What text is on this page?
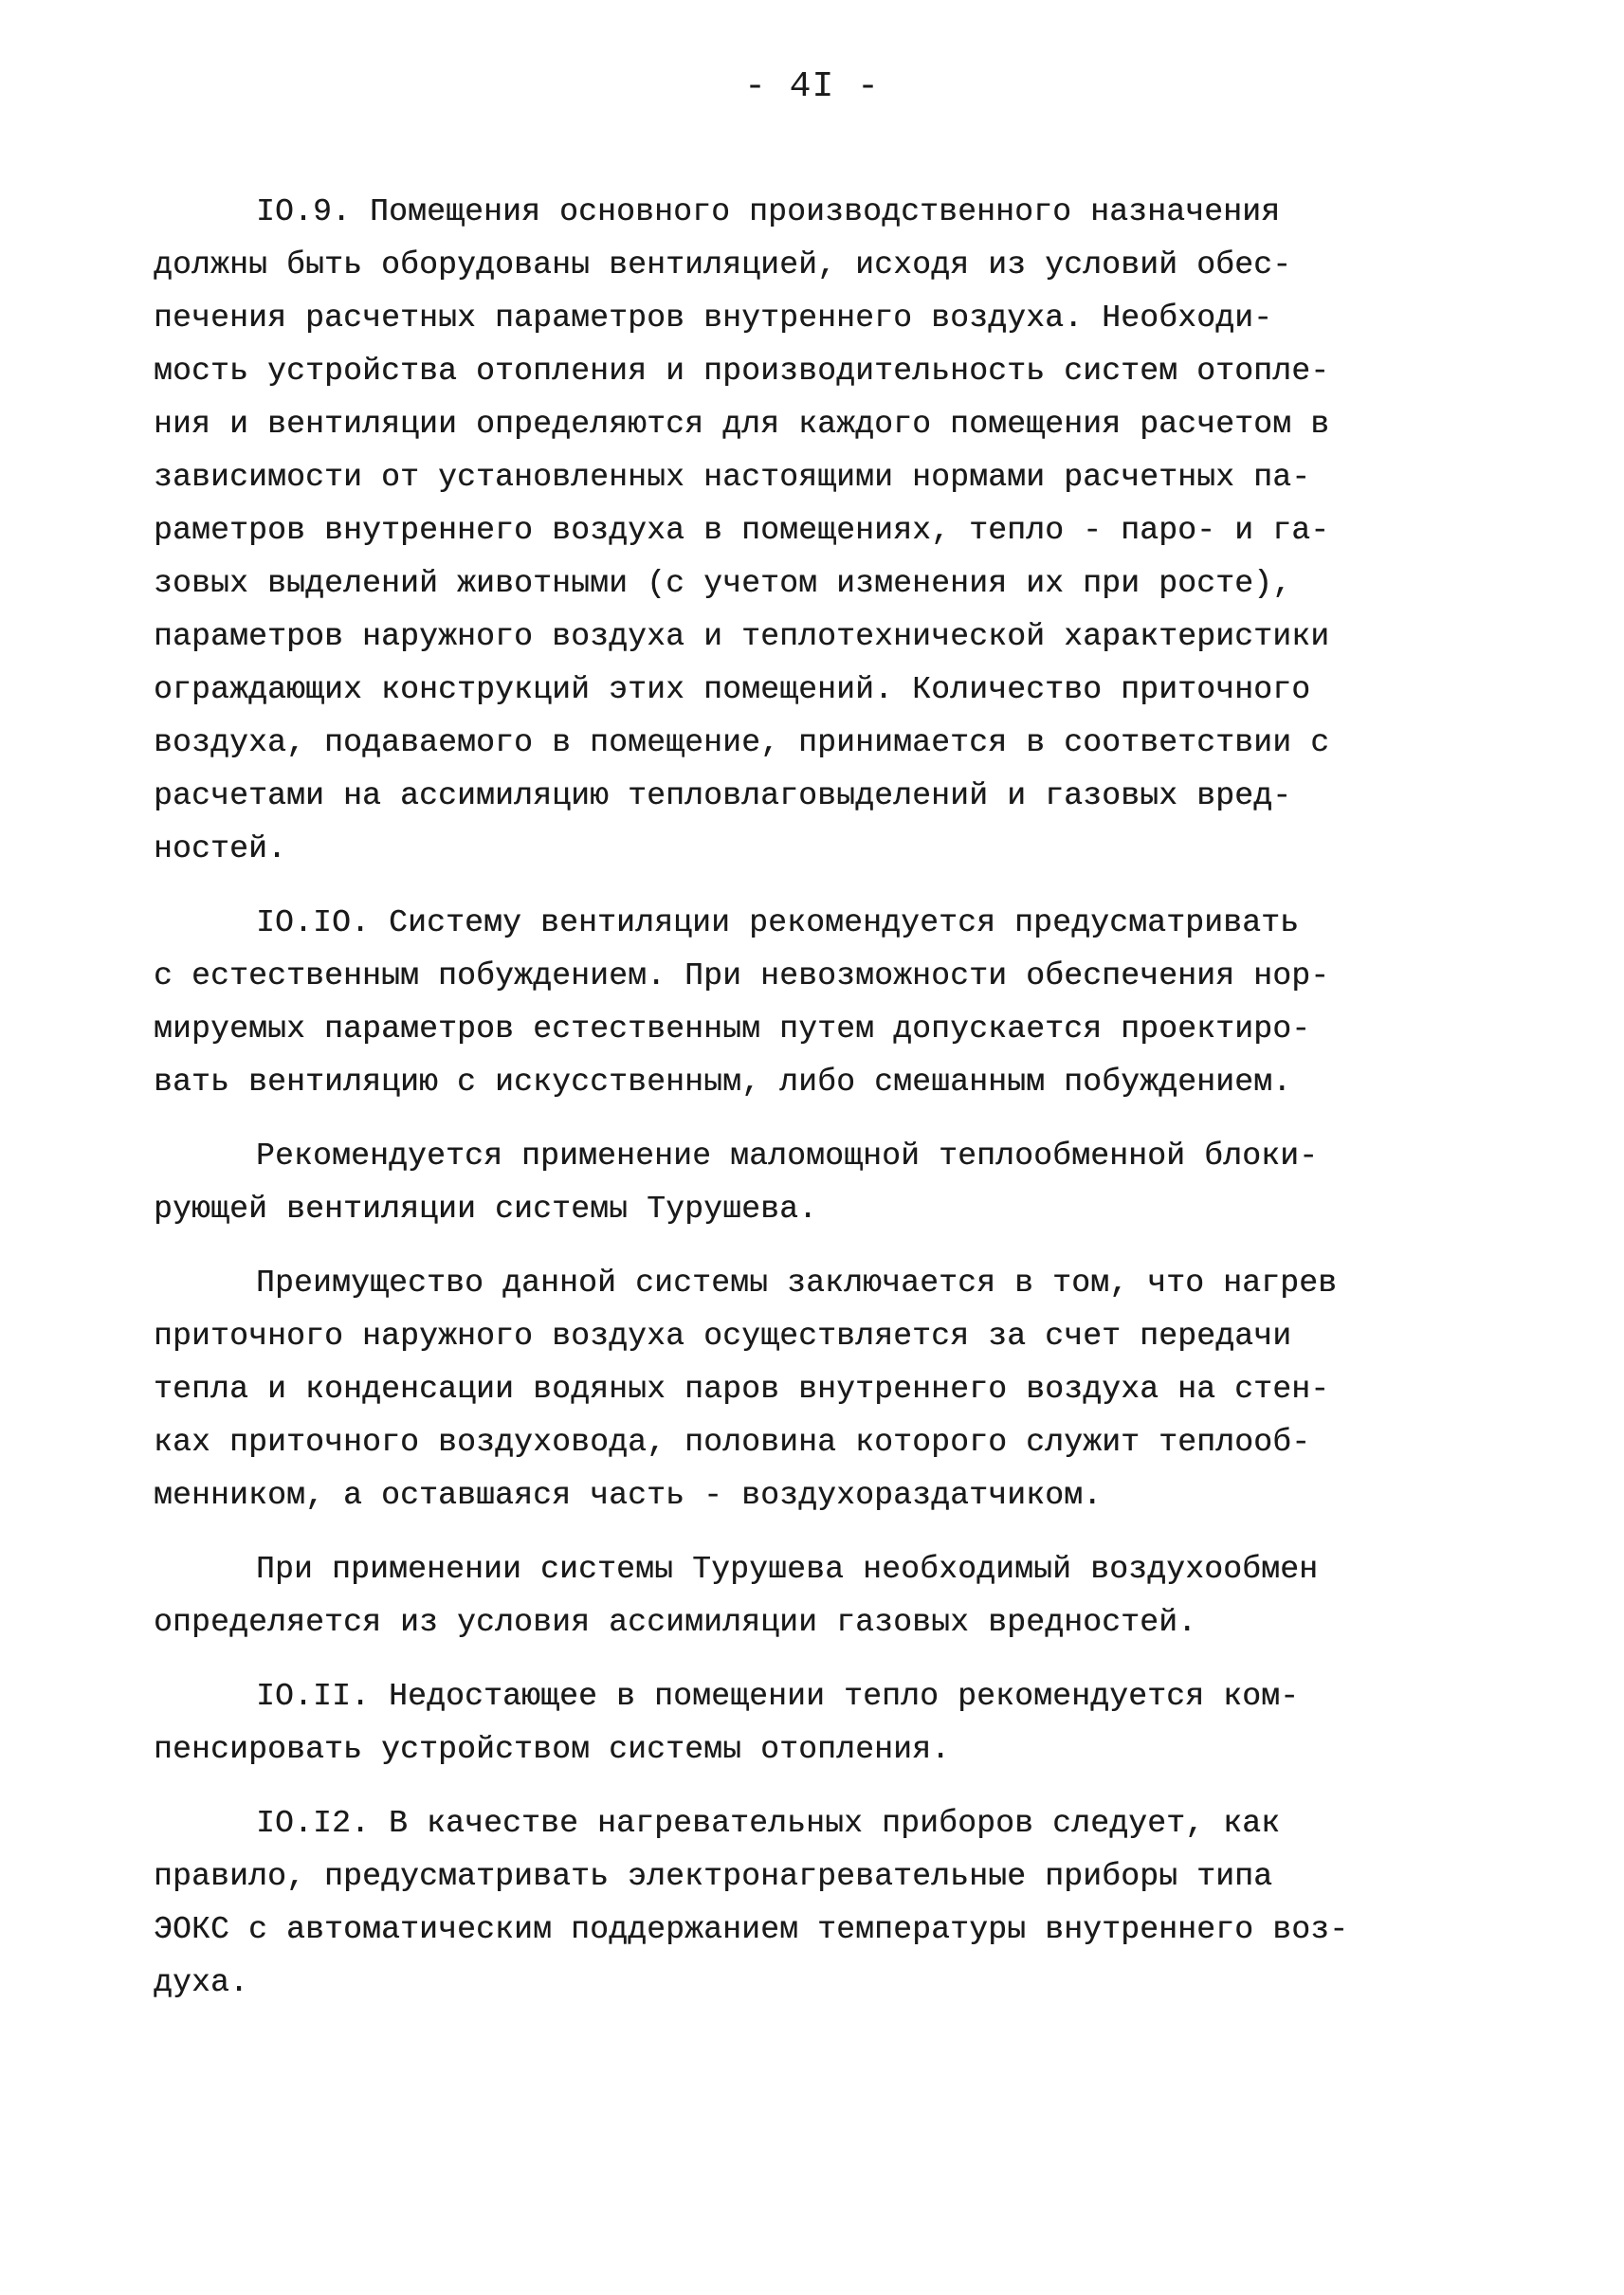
- 4I -
IO.9. Помещения основного производственного назначения
должны быть оборудованы вентиляцией, исходя из условий обес-
печения расчетных параметров внутреннего воздуха. Необходи-
мость устройства отопления и производительность систем отопле-
ния и вентиляции определяются для каждого помещения расчетом в
зависимости от установленных настоящими нормами расчетных па-
раметров внутреннего воздуха в помещениях, тепло - паро- и га-
зовых выделений животными (с учетом изменения их при росте),
параметров наружного воздуха и теплотехнической характеристики
ограждающих конструкций этих помещений. Количество приточного
воздуха, подаваемого в помещение, принимается в соответствии с
расчетами на ассимиляцию тепловлаговыделений и газовых вред-
ностей.
IO.IO. Систему вентиляции рекомендуется предусматривать
с естественным побуждением. При невозможности обеспечения нор-
мируемых параметров естественным путем допускается проектиро-
вать вентиляцию с искусственным, либо смешанным побуждением.
Рекомендуется применение маломощной теплообменной блоки-
рующей вентиляции системы Турушева.
Преимущество данной системы заключается в том, что нагрев
приточного наружного воздуха осуществляется за счет передачи
тепла и конденсации водяных паров внутреннего воздуха на стен-
ках приточного воздуховода, половина которого служит теплооб-
менником, а оставшаяся часть - воздухораздатчиком.
При применении системы Турушева необходимый воздухообмен
определяется из условия ассимиляции газовых вредностей.
IO.II. Недостающее в помещении тепло рекомендуется ком-
пенсировать устройством системы отопления.
IO.I2. В качестве нагревательных приборов следует, как
правило, предусматривать электронагревательные приборы типа
ЭОКС с автоматическим поддержанием температуры внутреннего воз-
духа.
